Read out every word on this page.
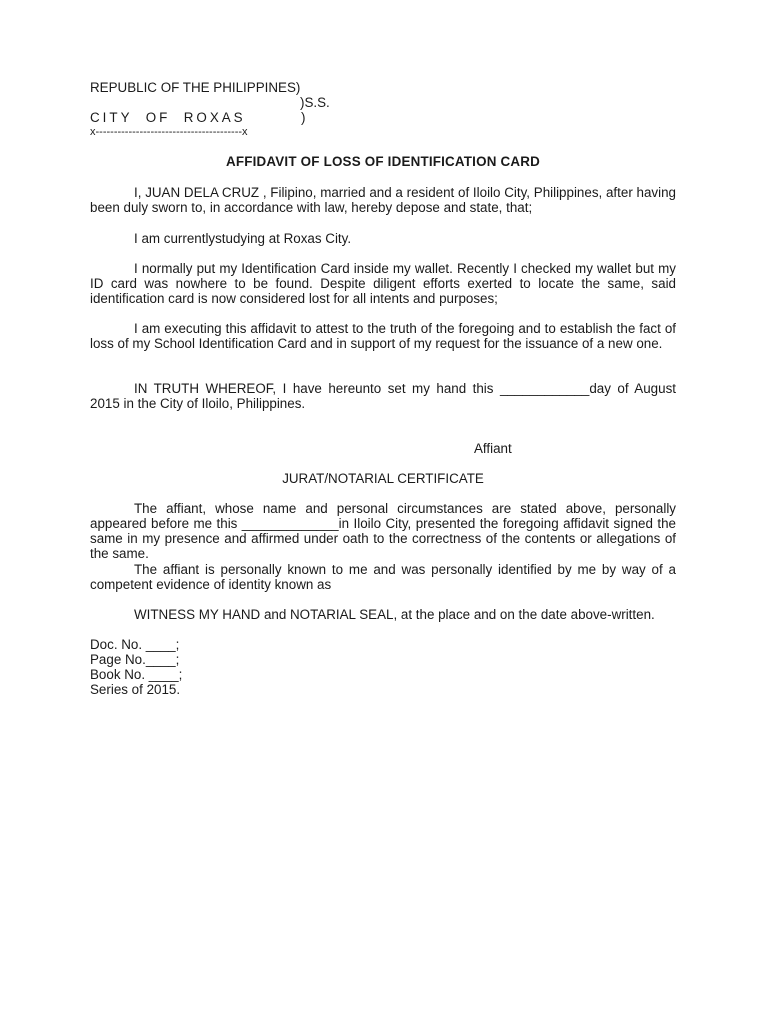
REPUBLIC OF THE PHILIPPINES)
)S.S.
CITY  OF  ROXAS	)
x----------------------------------------x
AFFIDAVIT OF LOSS OF IDENTIFICATION CARD
I, JUAN DELA CRUZ , Filipino, married and a resident of Iloilo City, Philippines, after having been duly sworn to, in accordance with law, hereby depose and state, that;
I am currentlystudying at Roxas City.
I normally put my Identification Card inside my wallet. Recently I checked my wallet but my ID card was nowhere to be found. Despite diligent efforts exerted to locate the same, said identification card is now considered lost for all intents and purposes;
I am executing this affidavit to attest to the truth of the foregoing and to establish the fact of loss of my School Identification Card and in support of my request for the issuance of a new one.
IN TRUTH WHEREOF, I have hereunto set my hand this ____________day of August 2015 in the City of Iloilo, Philippines.
Affiant
JURAT/NOTARIAL CERTIFICATE
The affiant, whose name and personal circumstances are stated above, personally appeared before me this _____________in Iloilo City, presented the foregoing affidavit signed the same in my presence and affirmed under oath to the correctness of the contents or allegations of the same.
The affiant is personally known to me and was personally identified by me by way of a competent evidence of identity known as
WITNESS MY HAND and NOTARIAL SEAL, at the place and on the date above-written.
Doc. No. ____;
Page No.____;
Book No. ____;
Series of 2015.
